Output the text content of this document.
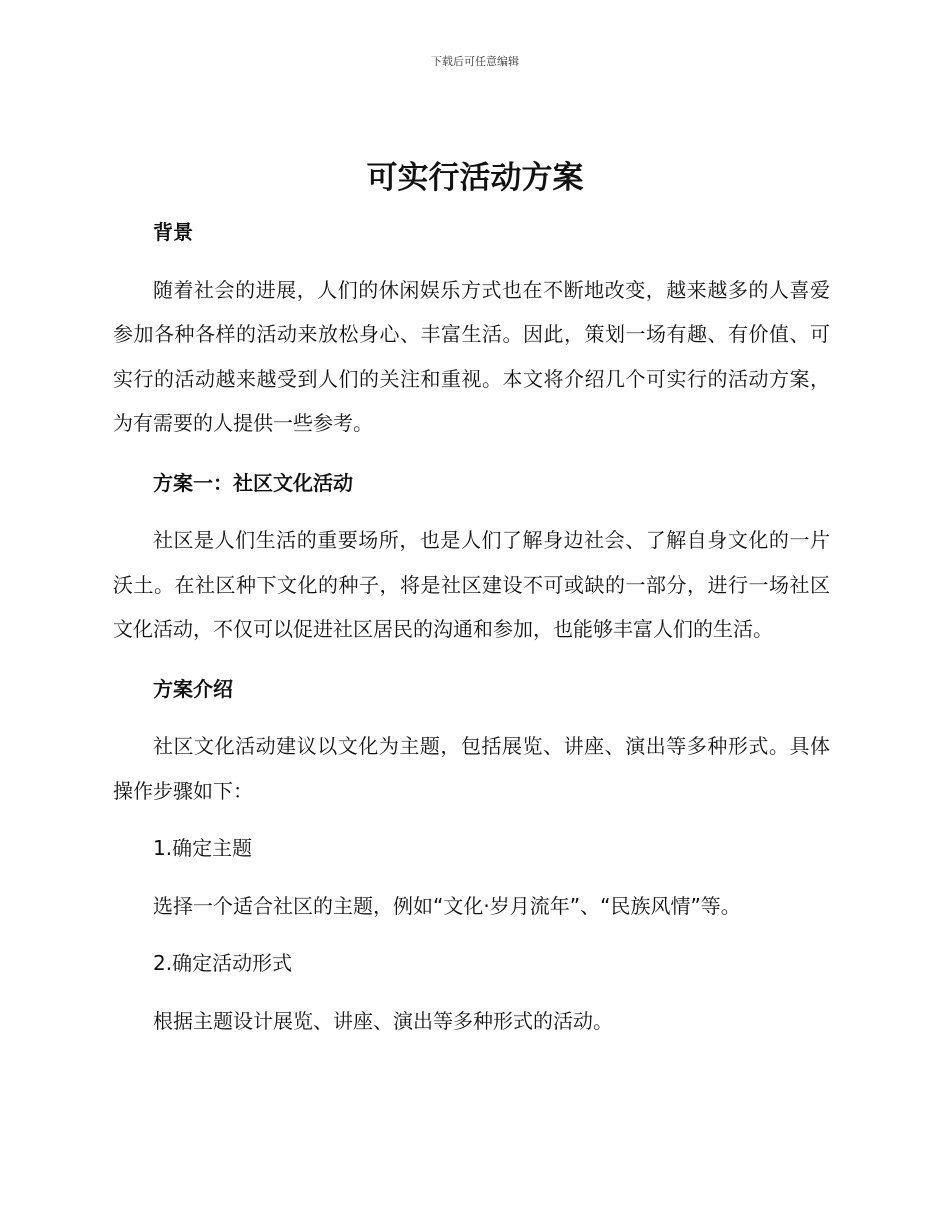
下载后可任意编辑
可实行活动方案

背景

随着社会的进展，人们的休闲娱乐方式也在不断地改变，越来越多的人喜爱参加各种各样的活动来放松身心、丰富生活。因此，策划一场有趣、有价值、可实行的活动越来越受到人们的关注和重视。本文将介绍几个可实行的活动方案，为有需要的人提供一些参考。

方案一：社区文化活动

社区是人们生活的重要场所，也是人们了解身边社会、了解自身文化的一片沃土。在社区种下文化的种子，将是社区建设不可或缺的一部分，进行一场社区文化活动，不仅可以促进社区居民的沟通和参加，也能够丰富人们的生活。

方案介绍

社区文化活动建议以文化为主题，包括展览、讲座、演出等多种形式。具体操作步骤如下：

1.确定主题

选择一个适合社区的主题，例如“文化·岁月流年”、“民族风情”等。

2.确定活动形式

根据主题设计展览、讲座、演出等多种形式的活动。
